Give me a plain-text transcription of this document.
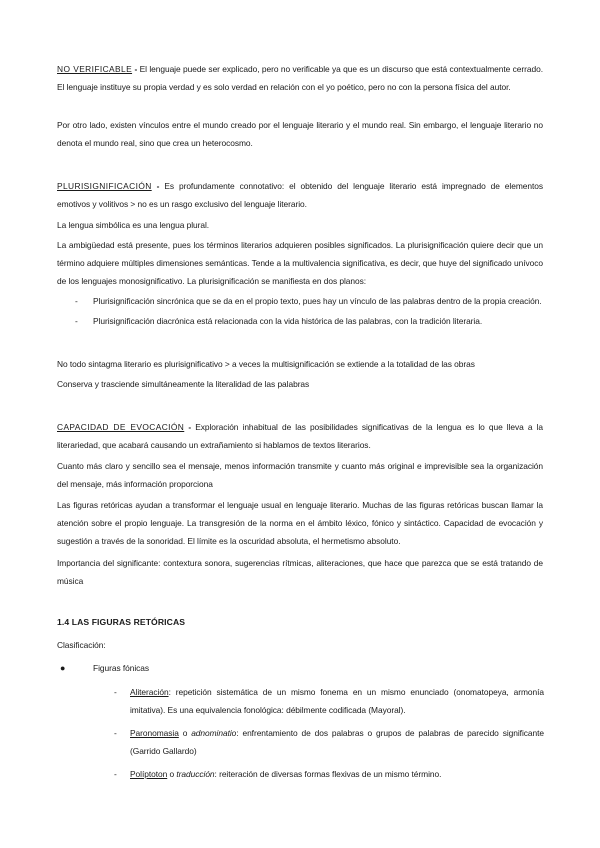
NO VERIFICABLE - El lenguaje puede ser explicado, pero no verificable ya que es un discurso que está contextualmente cerrado. El lenguaje instituye su propia verdad y es solo verdad en relación con el yo poético, pero no con la persona física del autor.

Por otro lado, existen vínculos entre el mundo creado por el lenguaje literario y el mundo real. Sin embargo, el lenguaje literario no denota el mundo real, sino que crea un heterocosmo.

PLURISIGNIFICACIÓN - Es profundamente connotativo: el obtenido del lenguaje literario está impregnado de elementos emotivos y volitivos > no es un rasgo exclusivo del lenguaje literario.

La lengua simbólica es una lengua plural.

La ambigüedad está presente, pues los términos literarios adquieren posibles significados. La plurisignificación quiere decir que un término adquiere múltiples dimensiones semánticas. Tende a la multivalencia significativa, es decir, que huye del significado unívoco de los lenguajes monosignificativo. La plurisignificación se manifiesta en dos planos:

- Plurisignificación sincrónica que se da en el propio texto, pues hay un vínculo de las palabras dentro de la propia creación.

- Plurisignificación diacrónica está relacionada con la vida histórica de las palabras, con la tradición literaria.

No todo sintagma literario es plurisignificativo > a veces la multisignificación se extiende a la totalidad de las obras

Conserva y trasciende simultáneamente la literalidad de las palabras

CAPACIDAD DE EVOCACIÓN - Exploración inhabitual de las posibilidades significativas de la lengua es lo que lleva a la literariedad, que acabará causando un extrañamiento si hablamos de textos literarios.

Cuanto más claro y sencillo sea el mensaje, menos información transmite y cuanto más original e imprevisible sea la organización del mensaje, más información proporciona

Las figuras retóricas ayudan a transformar el lenguaje usual en lenguaje literario. Muchas de las figuras retóricas buscan llamar la atención sobre el propio lenguaje. La transgresión de la norma en el ámbito léxico, fónico y sintáctico. Capacidad de evocación y sugestión a través de la sonoridad. El límite es la oscuridad absoluta, el hermetismo absoluto.

Importancia del significante: contextura sonora, sugerencias rítmicas, aliteraciones, que hace que parezca que se está tratando de música

1.4 LAS FIGURAS RETÓRICAS

Clasificación:

●	Figuras fónicas

- Aliteración: repetición sistemática de un mismo fonema en un mismo enunciado (onomatopeya, armonía imitativa). Es una equivalencia fonológica: débilmente codificada (Mayoral).

- Paronomasia o adnominatio: enfrentamiento de dos palabras o grupos de palabras de parecido significante (Garrido Gallardo)

- Políptoton o traducción: reiteración de diversas formas flexivas de un mismo término.
